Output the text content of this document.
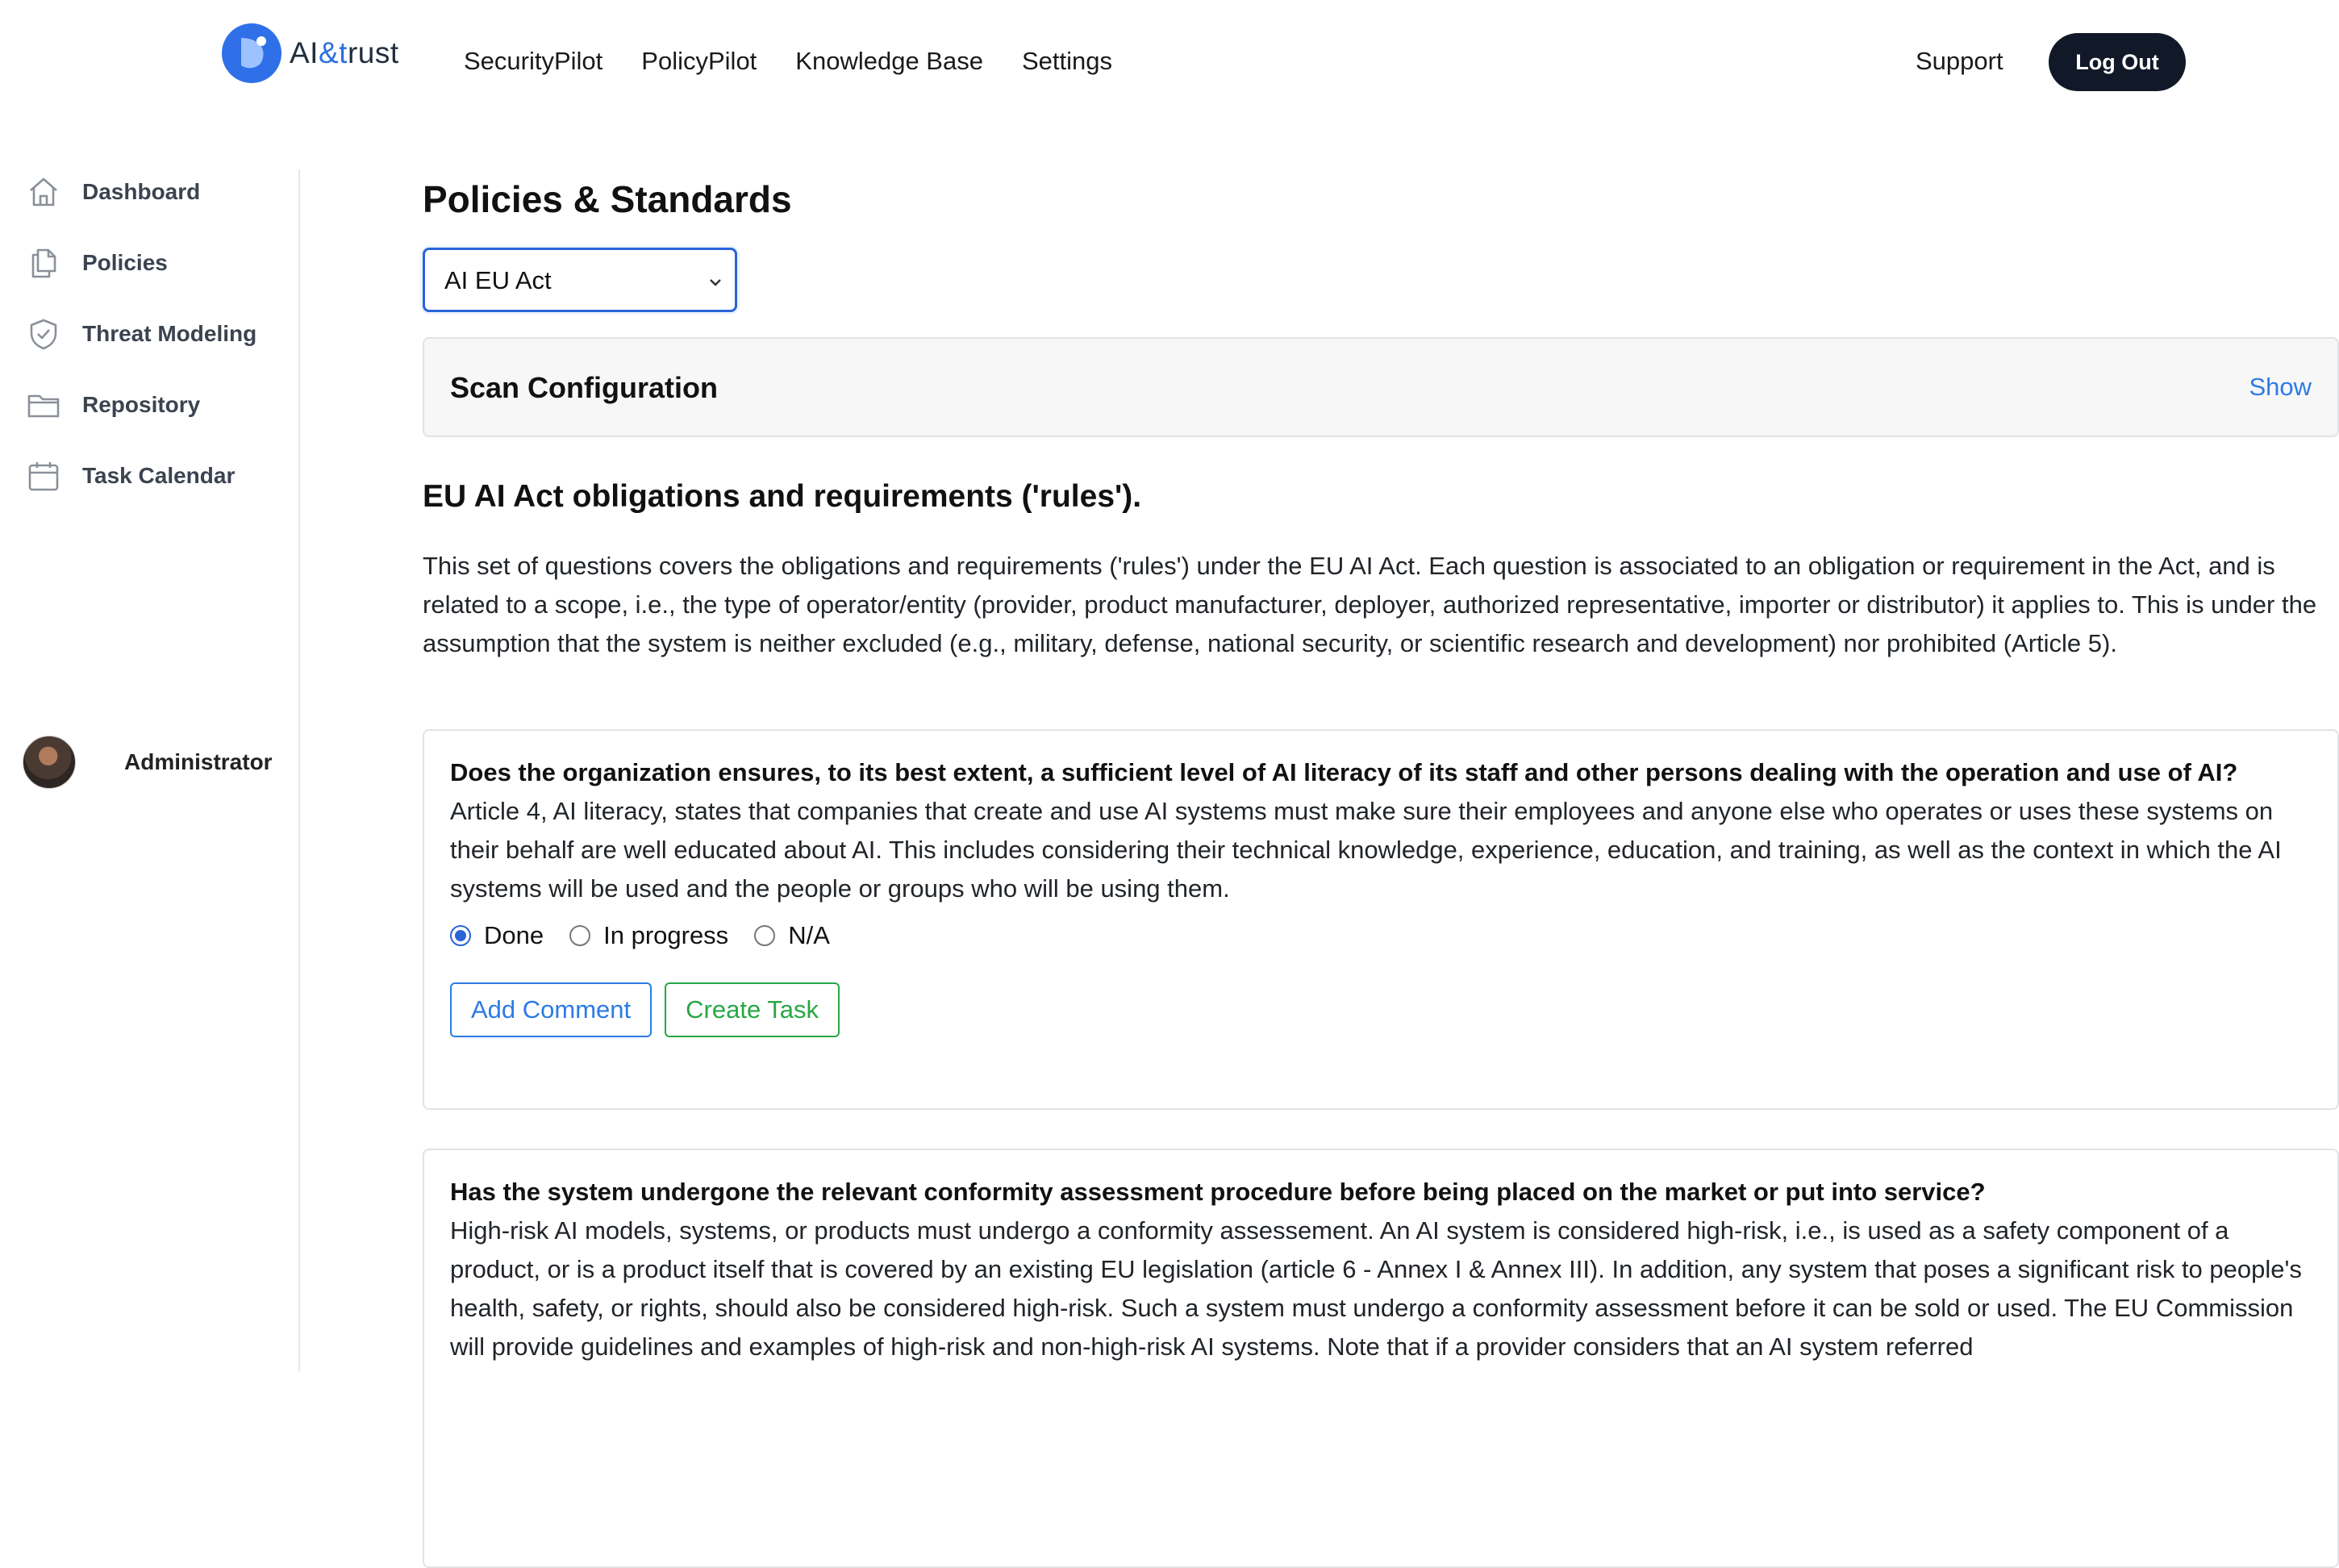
AI&trust	SecurityPilot PolicyPilot Knowledge Base Settings	Support	Log Out
Dashboard
Policies
Threat Modeling
Repository
Task Calendar
Administrator
Policies & Standards
AI EU Act
Scan Configuration	Show
EU AI Act obligations and requirements ('rules').

This set of questions covers the obligations and requirements ('rules') under the EU AI Act. Each question is associated to an obligation or requirement in the Act, and is related to a scope, i.e., the type of operator/entity (provider, product manufacturer, deployer, authorized representative, importer or distributor) it applies to. This is under the assumption that the system is neither excluded (e.g., military, defense, national security, or scientific research and development) nor prohibited (Article 5).

Does the organization ensures, to its best extent, a sufficient level of AI literacy of its staff and other persons dealing with the operation and use of AI?
Article 4, AI literacy, states that companies that create and use AI systems must make sure their employees and anyone else who operates or uses these systems on their behalf are well educated about AI. This includes considering their technical knowledge, experience, education, and training, as well as the context in which the AI systems will be used and the people or groups who will be using them.
Done In progress N/A
Add Comment	Create Task
Has the system undergone the relevant conformity assessment procedure before being placed on the market or put into service?
High-risk AI models, systems, or products must undergo a conformity assessement. An AI system is considered high-risk, i.e., is used as a safety component of a product, or is a product itself that is covered by an existing EU legislation (article 6 - Annex I & Annex III). In addition, any system that poses a significant risk to people's health, safety, or rights, should also be considered high-risk. Such a system must undergo a conformity assessment before it can be sold or used. The EU Commission will provide guidelines and examples of high-risk and non-high-risk AI systems. Note that if a provider considers that an AI system referred
